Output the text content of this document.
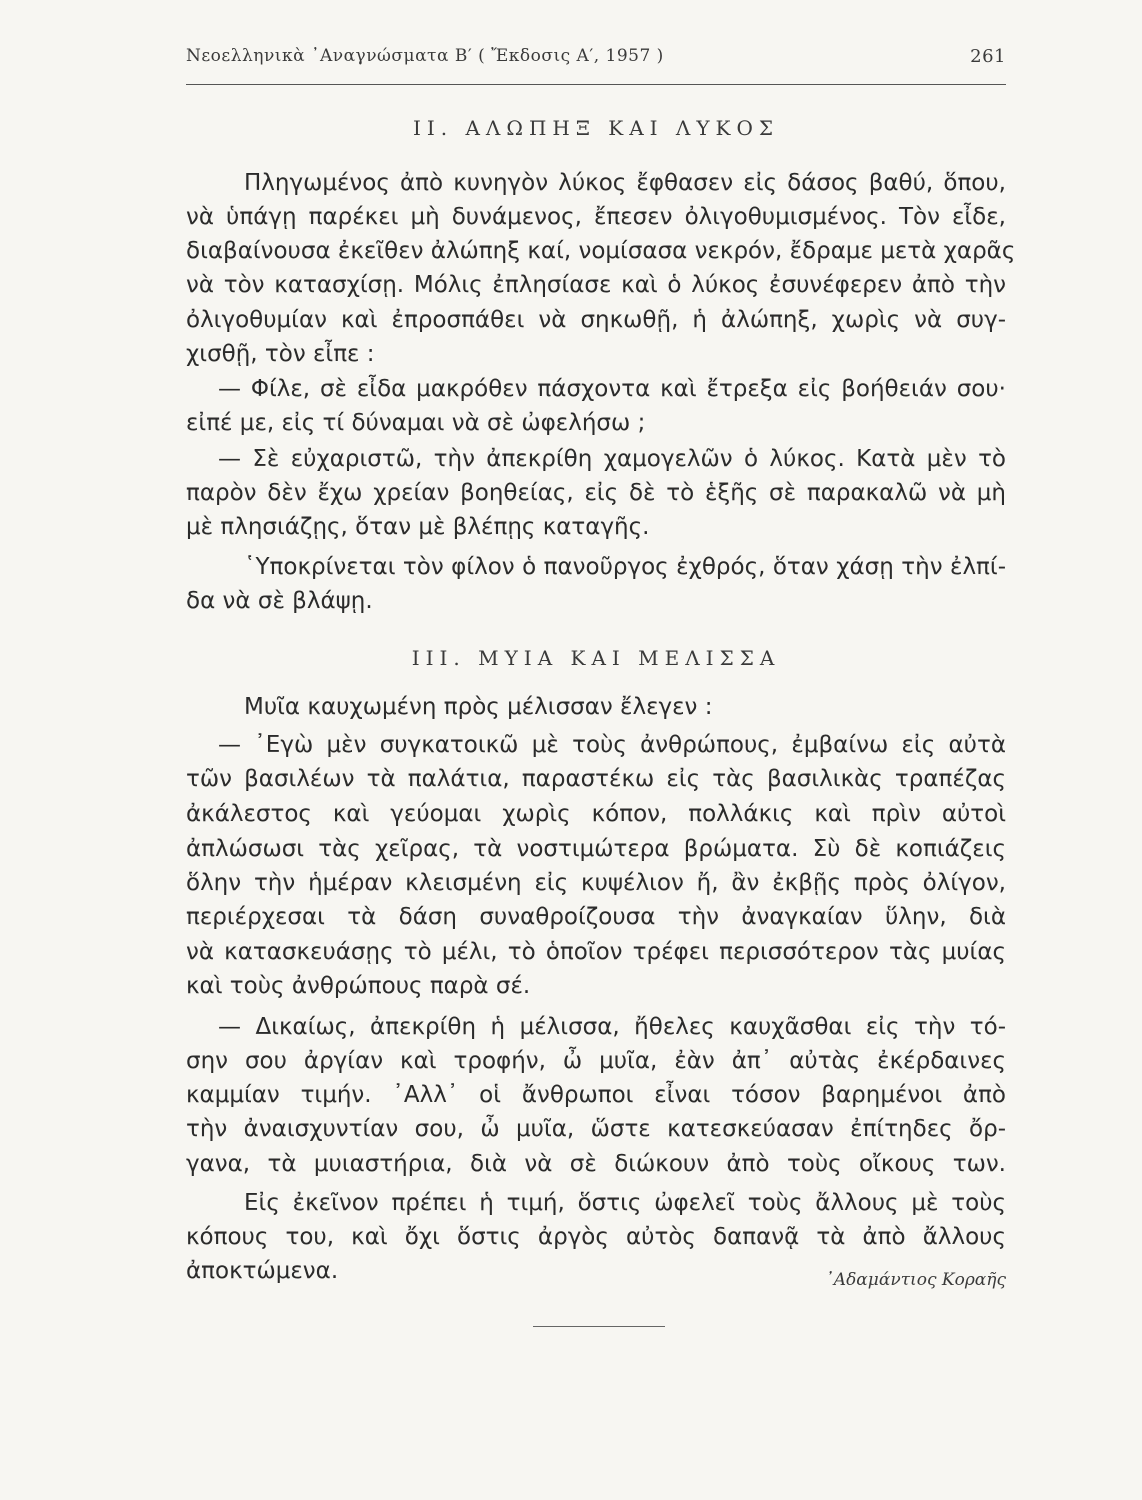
Νεοελληνικὰ ᾿Αναγνώσματα Β′ ( Ἔκδοσις Α′, 1957 )	261
II. ΑΛΩΠΗΞ ΚΑΙ ΛΥΚΟΣ
Πληγωμένος ἀπὸ κυνηγὸν λύκος ἔφθασεν εἰς δάσος βαθύ, ὅπου,
νὰ ὑπάγῃ παρέκει μὴ δυνάμενος, ἔπεσεν ὀλιγοθυμισμένος. Τὸν εἶδε,
διαβαίνουσα ἐκεῖθεν ἀλώπηξ καί, νομίσασα νεκρόν, ἔδραμε μετὰ χαρᾶς
νὰ τὸν κατασχίσῃ. Μόλις ἐπλησίασε καὶ ὁ λύκος ἐσυνέφερεν ἀπὸ τὴν
ὀλιγοθυμίαν καὶ ἐπροσπάθει νὰ σηκωθῇ, ἡ ἀλώπηξ, χωρὶς νὰ συγ-
χισθῇ, τὸν εἶπε :
— Φίλε, σὲ εἶδα μακρόθεν πάσχοντα καὶ ἔτρεξα εἰς βοήθειάν σου·
εἰπέ με, εἰς τί δύναμαι νὰ σὲ ὠφελήσω ;
— Σὲ εὐχαριστῶ, τὴν ἀπεκρίθη χαμογελῶν ὁ λύκος. Κατὰ μὲν τὸ
παρὸν δὲν ἔχω χρείαν βοηθείας, εἰς δὲ τὸ ἑξῆς σὲ παρακαλῶ νὰ μὴ
μὲ πλησιάζῃς, ὅταν μὲ βλέπῃς καταγῆς.
῾Υποκρίνεται τὸν φίλον ὁ πανοῦργος ἐχθρός, ὅταν χάσῃ τὴν ἐλπί-
δα νὰ σὲ βλάψῃ.
III. ΜΥΙΑ ΚΑΙ ΜΕΛΙΣΣΑ
Μυῖα καυχωμένη πρὸς μέλισσαν ἔλεγεν :
— ᾿Εγὼ μὲν συγκατοικῶ μὲ τοὺς ἀνθρώπους, ἐμβαίνω εἰς αὐτὰ
τῶν βασιλέων τὰ παλάτια, παραστέκω εἰς τὰς βασιλικὰς τραπέζας
ἀκάλεστος καὶ γεύομαι χωρὶς κόπον, πολλάκις καὶ πρὶν αὐτοὶ
ἀπλώσωσι τὰς χεῖρας, τὰ νοστιμώτερα βρώματα. Σὺ δὲ κοπιάζεις
ὅλην τὴν ἡμέραν κλεισμένη εἰς κυψέλιον ἤ, ἂν ἐκβῇς πρὸς ὀλίγον,
περιέρχεσαι τὰ δάση συναθροίζουσα τὴν ἀναγκαίαν ὕλην, διὰ
νὰ κατασκευάσῃς τὸ μέλι, τὸ ὁποῖον τρέφει περισσότερον τὰς μυίας
καὶ τοὺς ἀνθρώπους παρὰ σέ.
— Δικαίως, ἀπεκρίθη ἡ μέλισσα, ἤθελες καυχᾶσθαι εἰς τὴν τό-
σην σου ἀργίαν καὶ τροφήν, ὦ μυῖα, ἐὰν ἀπ᾿ αὐτὰς ἐκέρδαινες
καμμίαν τιμήν. ᾿Αλλ᾿ οἱ ἄνθρωποι εἶναι τόσον βαρημένοι ἀπὸ
τὴν ἀναισχυντίαν σου, ὦ μυῖα, ὥστε κατεσκεύασαν ἐπίτηδες ὄρ-
γανα, τὰ μυιαστήρια, διὰ νὰ σὲ διώκουν ἀπὸ τοὺς οἴκους των.
Εἰς ἐκεῖνον πρέπει ἡ τιμή, ὅστις ὠφελεῖ τοὺς ἄλλους μὲ τοὺς
κόπους του, καὶ ὄχι ὅστις ἀργὸς αὐτὸς δαπανᾷ τὰ ἀπὸ ἄλλους
ἀποκτώμενα.	᾿Αδαμάντιος Κοραῆς
